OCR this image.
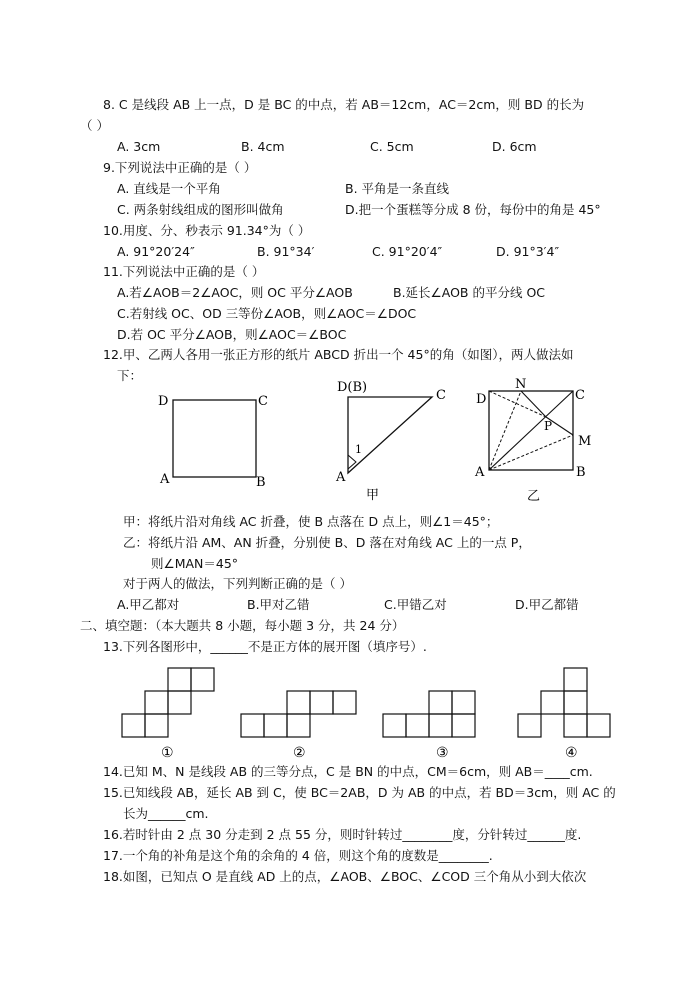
8. C 是线段 AB 上一点，D 是 BC 的中点，若 AB＝12cm，AC＝2cm，则 BD 的长为
（ ）
A. 3cm	B. 4cm	C. 5cm	D. 6cm
9.下列说法中正确的是（ ）
A. 直线是一个平角	B. 平角是一条直线
C. 两条射线组成的图形叫做角	D.把一个蛋糕等分成 8 份，每份中的角是 45°
10.用度、分、秒表示 91.34°为（ ）
A. 91°20′24″	B. 91°34′	C. 91°20′4″	D. 91°3′4″
11.下列说法中正确的是（ ）
A.若∠AOB＝2∠AOC，则 OC 平分∠AOB	B.延长∠AOB 的平分线 OC
C.若射线 OC、OD 三等份∠AOB，则∠AOC＝∠DOC
D.若 OC 平分∠AOB，则∠AOC＝∠BOC
12.甲、乙两人各用一张正方形的纸片 ABCD 折出一个 45°的角（如图），两人做法如
下：
D	C
A	B
D(B)
C
A
1
甲
N
D	C
P
M
A	B
乙
甲：将纸片沿对角线 AC 折叠，使 B 点落在 D 点上，则∠1＝45°；
乙：将纸片沿 AM、AN 折叠，分别使 B、D 落在对角线 AC 上的一点 P，
则∠MAN＝45°
对于两人的做法，下列判断正确的是（ ）
A.甲乙都对	B.甲对乙错	C.甲错乙对	D.甲乙都错
二、填空题：（本大题共 8 小题，每小题 3 分，共 24 分）
13.下列各图形中，______不是正方体的展开图（填序号）.
①	②	③	④
14.已知 M、N 是线段 AB 的三等分点，C 是 BN 的中点，CM＝6cm，则 AB＝____cm.
15.已知线段 AB，延长 AB 到 C，使 BC＝2AB，D 为 AB 的中点，若 BD＝3cm，则 AC 的
长为______cm.
16.若时针由 2 点 30 分走到 2 点 55 分，则时针转过________度，分针转过______度.
17.一个角的补角是这个角的余角的 4 倍，则这个角的度数是________.
18.如图，已知点 O 是直线 AD 上的点，∠AOB、∠BOC、∠COD 三个角从小到大依次
